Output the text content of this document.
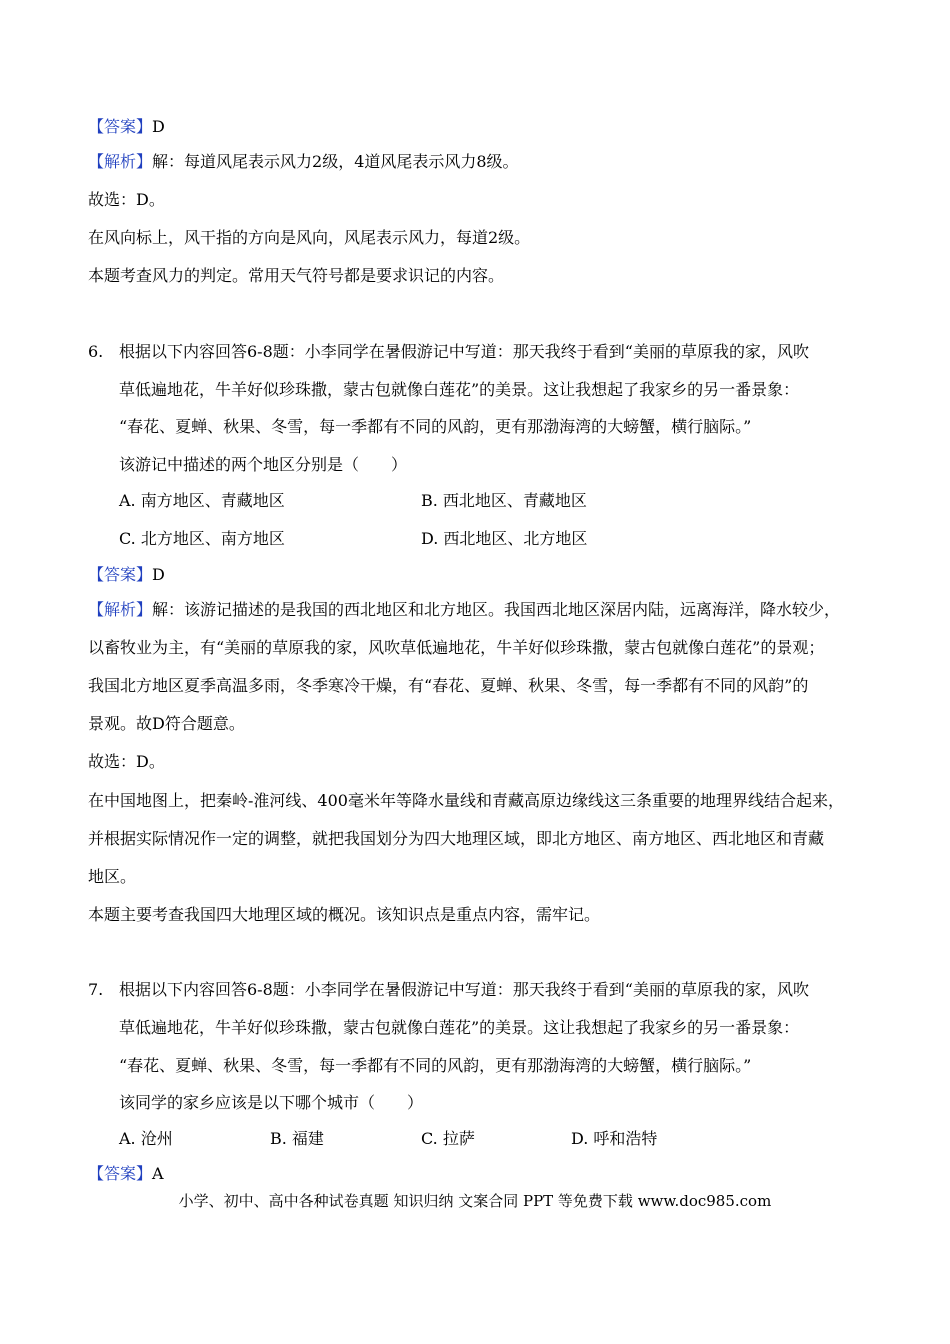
【答案】D
【解析】解：每道风尾表示风力2级，4道风尾表示风力8级。
故选：D。
在风向标上，风干指的方向是风向，风尾表示风力，每道2级。
本题考查风力的判定。常用天气符号都是要求识记的内容。
6. 根据以下内容回答6-8题：小李同学在暑假游记中写道：那天我终于看到“美丽的草原我的家，风吹
草低遍地花，牛羊好似珍珠撒，蒙古包就像白莲花”的美景。这让我想起了我家乡的另一番景象：
“春花、夏蝉、秋果、冬雪，每一季都有不同的风韵，更有那渤海湾的大螃蟹，横行脑际。”
该游记中描述的两个地区分别是（　　）
A. 南方地区、青藏地区	B. 西北地区、青藏地区
C. 北方地区、南方地区	D. 西北地区、北方地区
【答案】D
【解析】解：该游记描述的是我国的西北地区和北方地区。我国西北地区深居内陆，远离海洋，降水较少，
以畜牧业为主，有“美丽的草原我的家，风吹草低遍地花，牛羊好似珍珠撒，蒙古包就像白莲花”的景观；
我国北方地区夏季高温多雨，冬季寒冷干燥，有“春花、夏蝉、秋果、冬雪，每一季都有不同的风韵”的
景观。故D符合题意。
故选：D。
在中国地图上，把秦岭-淮河线、400毫米年等降水量线和青藏高原边缘线这三条重要的地理界线结合起来，
并根据实际情况作一定的调整，就把我国划分为四大地理区域，即北方地区、南方地区、西北地区和青藏
地区。
本题主要考查我国四大地理区域的概况。该知识点是重点内容，需牢记。
7. 根据以下内容回答6-8题：小李同学在暑假游记中写道：那天我终于看到“美丽的草原我的家，风吹
草低遍地花，牛羊好似珍珠撒，蒙古包就像白莲花”的美景。这让我想起了我家乡的另一番景象：
“春花、夏蝉、秋果、冬雪，每一季都有不同的风韵，更有那渤海湾的大螃蟹，横行脑际。”
该同学的家乡应该是以下哪个城市（　　）
A. 沧州	B. 福建	C. 拉萨	D. 呼和浩特
【答案】A
小学、初中、高中各种试卷真题 知识归纳 文案合同 PPT 等免费下载 www.doc985.com
